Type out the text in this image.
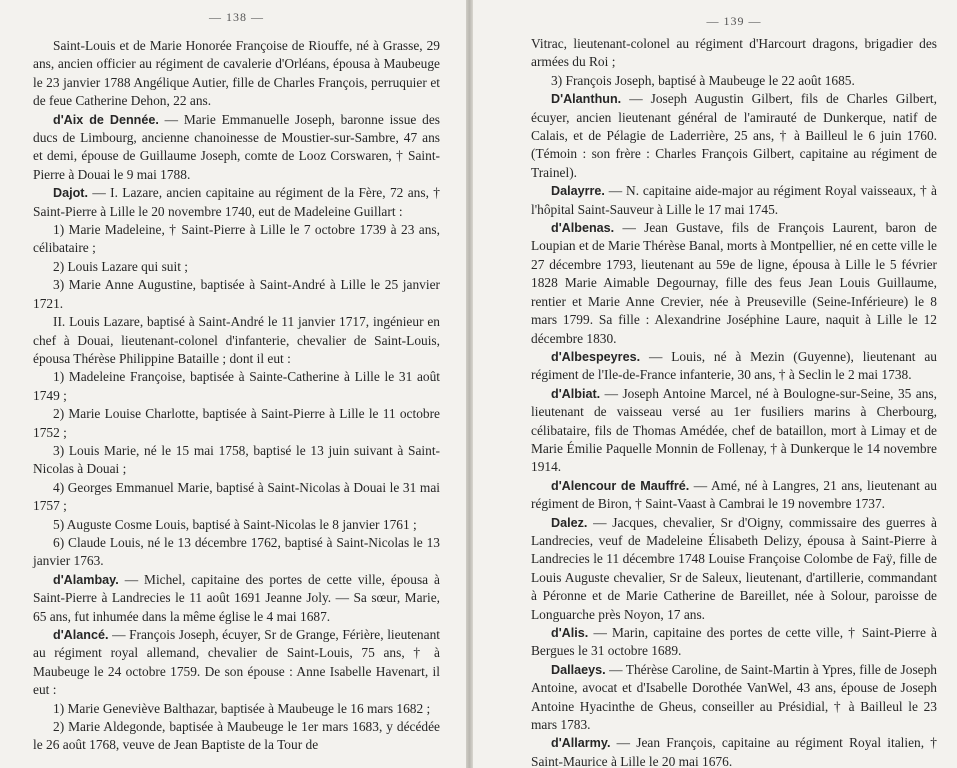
— 138 —

Saint-Louis et de Marie Honorée Françoise de Riouffe, né à Grasse, 29 ans, ancien officier au régiment de cavalerie d'Orléans, épousa à Maubeuge le 23 janvier 1788 Angélique Autier, fille de Charles François, perruquier et de feue Catherine Dehon, 22 ans.

d'Aix de Dennée. — Marie Emmanuelle Joseph, baronne issue des ducs de Limbourg, ancienne chanoinesse de Moustier-sur-Sambre, 47 ans et demi, épouse de Guillaume Joseph, comte de Looz Corswaren, † Saint-Pierre à Douai le 9 mai 1788.

Dajot. — I. Lazare, ancien capitaine au régiment de la Fère, 72 ans, † Saint-Pierre à Lille le 20 novembre 1740, eut de Madeleine Guillart :

1) Marie Madeleine, † Saint-Pierre à Lille le 7 octobre 1739 à 23 ans, célibataire ;

2) Louis Lazare qui suit ;

3) Marie Anne Augustine, baptisée à Saint-André à Lille le 25 janvier 1721.

II. Louis Lazare, baptisé à Saint-André le 11 janvier 1717, ingénieur en chef à Douai, lieutenant-colonel d'infanterie, chevalier de Saint-Louis, épousa Thérèse Philippine Bataille ; dont il eut :

1) Madeleine Françoise, baptisée à Sainte-Catherine à Lille le 31 août 1749 ;

2) Marie Louise Charlotte, baptisée à Saint-Pierre à Lille le 11 octobre 1752 ;

3) Louis Marie, né le 15 mai 1758, baptisé le 13 juin suivant à Saint-Nicolas à Douai ;

4) Georges Emmanuel Marie, baptisé à Saint-Nicolas à Douai le 31 mai 1757 ;

5) Auguste Cosme Louis, baptisé à Saint-Nicolas le 8 janvier 1761 ;

6) Claude Louis, né le 13 décembre 1762, baptisé à Saint-Nicolas le 13 janvier 1763.

d'Alambay. — Michel, capitaine des portes de cette ville, épousa à Saint-Pierre à Landrecies le 11 août 1691 Jeanne Joly. — Sa sœur, Marie, 65 ans, fut inhumée dans la même église le 4 mai 1687.

d'Alancé. — François Joseph, écuyer, Sr de Grange, Férière, lieutenant au régiment royal allemand, chevalier de Saint-Louis, 75 ans, † à Maubeuge le 24 octobre 1759. De son épouse : Anne Isabelle Havenart, il eut :

1) Marie Geneviève Balthazar, baptisée à Maubeuge le 16 mars 1682 ;

2) Marie Aldegonde, baptisée à Maubeuge le 1er mars 1683, y décédée le 26 août 1768, veuve de Jean Baptiste de la Tour de

— 139 —

Vitrac, lieutenant-colonel au régiment d'Harcourt dragons, brigadier des armées du Roi ;

3) François Joseph, baptisé à Maubeuge le 22 août 1685.

D'Alanthun. — Joseph Augustin Gilbert, fils de Charles Gilbert, écuyer, ancien lieutenant général de l'amirauté de Dunkerque, natif de Calais, et de Pélagie de Laderrière, 25 ans, † à Bailleul le 6 juin 1760. (Témoin : son frère : Charles François Gilbert, capitaine au régiment de Trainel).

Dalayrre. — N. capitaine aide-major au régiment Royal vaisseaux, † à l'hôpital Saint-Sauveur à Lille le 17 mai 1745.

d'Albenas. — Jean Gustave, fils de François Laurent, baron de Loupian et de Marie Thérèse Banal, morts à Montpellier, né en cette ville le 27 décembre 1793, lieutenant au 59e de ligne, épousa à Lille le 5 février 1828 Marie Aimable Degournay, fille des feus Jean Louis Guillaume, rentier et Marie Anne Crevier, née à Preuseville (Seine-Inférieure) le 8 mars 1799. Sa fille : Alexandrine Joséphine Laure, naquit à Lille le 12 décembre 1830.

d'Albespeyres. — Louis, né à Mezin (Guyenne), lieutenant au régiment de l'Ile-de-France infanterie, 30 ans, † à Seclin le 2 mai 1738.

d'Albiat. — Joseph Antoine Marcel, né à Boulogne-sur-Seine, 35 ans, lieutenant de vaisseau versé au 1er fusiliers marins à Cherbourg, célibataire, fils de Thomas Amédée, chef de bataillon, mort à Limay et de Marie Émilie Paquelle Monnin de Follenay, † à Dunkerque le 14 novembre 1914.

d'Alencour de Mauffré. — Amé, né à Langres, 21 ans, lieutenant au régiment de Biron, † Saint-Vaast à Cambrai le 19 novembre 1737.

Dalez. — Jacques, chevalier, Sr d'Oigny, commissaire des guerres à Landrecies, veuf de Madeleine Élisabeth Delizy, épousa à Saint-Pierre à Landrecies le 11 décembre 1748 Louise Françoise Colombe de Faÿ, fille de Louis Auguste chevalier, Sr de Saleux, lieutenant, d'artillerie, commandant à Péronne et de Marie Catherine de Bareillet, née à Solour, paroisse de Longuarche près Noyon, 17 ans.

d'Alis. — Marin, capitaine des portes de cette ville, † Saint-Pierre à Bergues le 31 octobre 1689.

Dallaeys. — Thérèse Caroline, de Saint-Martin à Ypres, fille de Joseph Antoine, avocat et d'Isabelle Dorothée VanWel, 43 ans, épouse de Joseph Antoine Hyacinthe de Gheus, conseiller au Présidial, † à Bailleul le 23 mars 1783.

d'Allarmy. — Jean François, capitaine au régiment Royal italien, † Saint-Maurice à Lille le 20 mai 1676.
